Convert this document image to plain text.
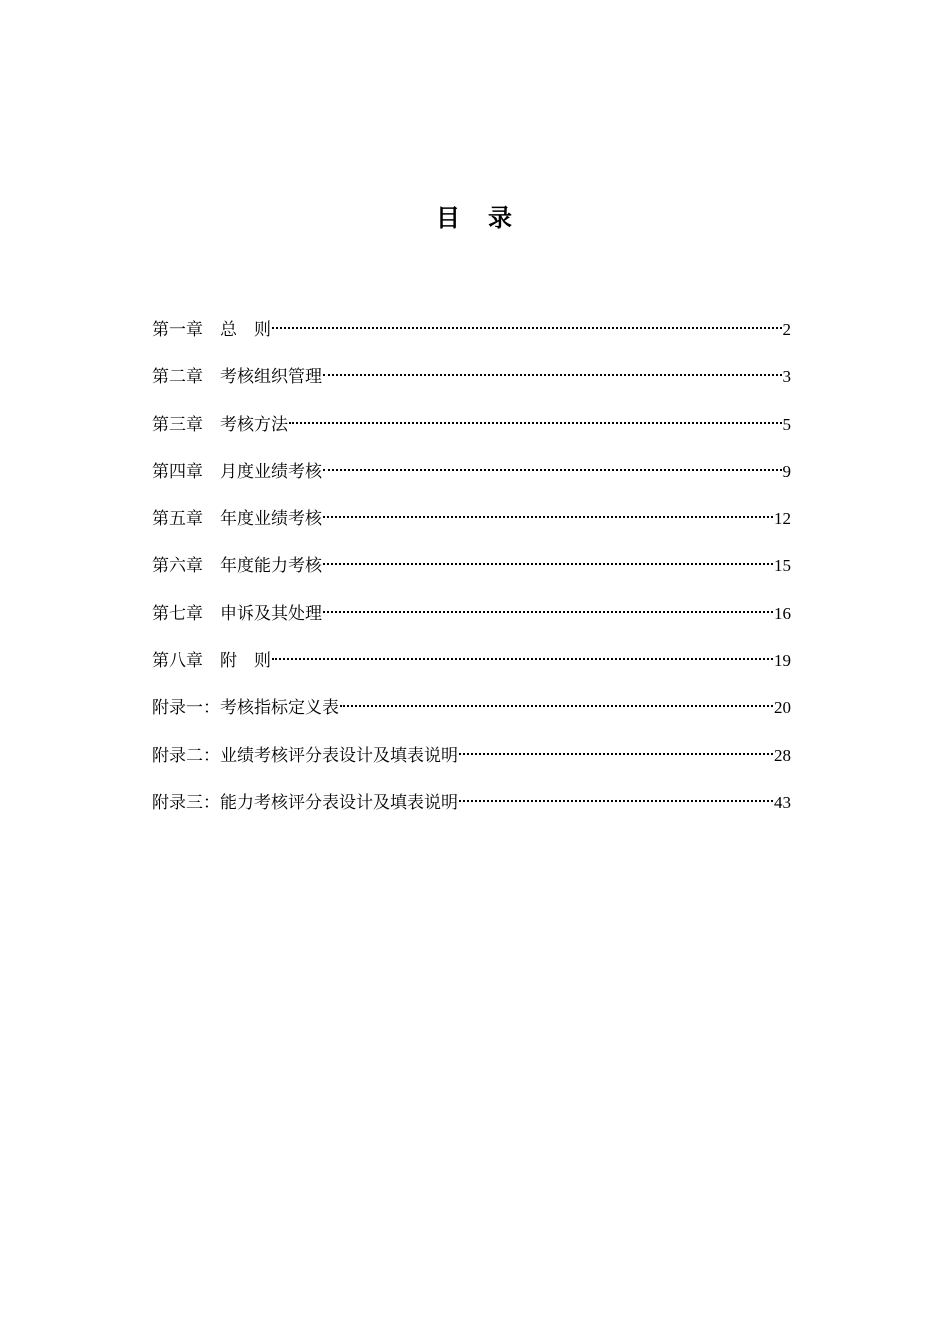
目　录
第一章　总　则	2
第二章　考核组织管理	3
第三章　考核方法	5
第四章　月度业绩考核	9
第五章　年度业绩考核	12
第六章　年度能力考核	15
第七章　申诉及其处理	16
第八章　附　则	19
附录一：考核指标定义表	20
附录二：业绩考核评分表设计及填表说明	28
附录三：能力考核评分表设计及填表说明	43
